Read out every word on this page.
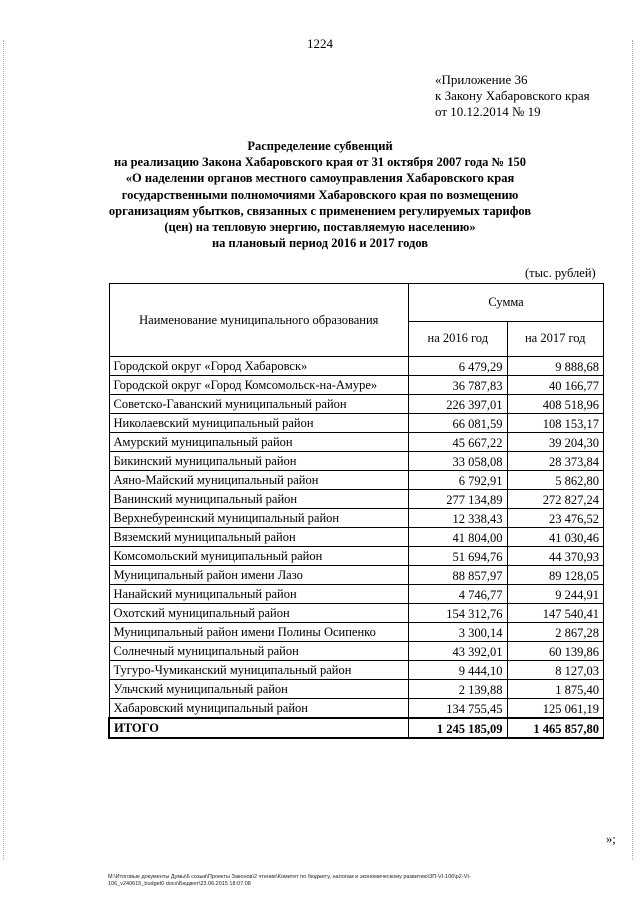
1224
«Приложение 36
к Закону Хабаровского края
от 10.12.2014 № 19
Распределение субвенций
на реализацию Закона Хабаровского края от 31 октября 2007 года № 150
«О наделении органов местного самоуправления Хабаровского края
государственными полномочиями Хабаровского края по возмещению
организациям убытков, связанных с применением регулируемых тарифов
(цен) на тепловую энергию, поставляемую населению»
на плановый период 2016 и 2017 годов
(тыс. рублей)
Наименование муниципального образования	Сумма	
	на 2016 год	на 2017 год
Городской округ «Город Хабаровск»	6 479,29	9 888,68
Городской округ «Город Комсомольск-на-Амуре»	36 787,83	40 166,77
Советско-Гаванский муниципальный район	226 397,01	408 518,96
Николаевский муниципальный район	66 081,59	108 153,17
Амурский муниципальный район	45 667,22	39 204,30
Бикинский муниципальный район	33 058,08	28 373,84
Аяно-Майский муниципальный район	6 792,91	5 862,80
Ванинский муниципальный район	277 134,89	272 827,24
Верхнебуреинский муниципальный район	12 338,43	23 476,52
Вяземский муниципальный район	41 804,00	41 030,46
Комсомольский муниципальный район	51 694,76	44 370,93
Муниципальный район имени Лазо	88 857,97	89 128,05
Нанайский муниципальный район	4 746,77	9 244,91
Охотский муниципальный район	154 312,76	147 540,41
Муниципальный район имени Полины Осипенко	3 300,14	2 867,28
Солнечный муниципальный район	43 392,01	60 139,86
Тугуро-Чумиканский муниципальный район	9 444,10	8 127,03
Ульчский муниципальный район	2 139,88	1 875,40
Хабаровский муниципальный район	134 755,45	125 061,19
ИТОГО	1 245 185,09	1 465 857,80
»;
M:\Итоговые документы Думы\6 созыв\Проекты Законов\2 чтение\Комитет по бюджету, налогам и экономическому развитию\3П-VI-106\р2-VI-
106_v240615_budget0 docx\Бюджет\23.06.2015 18:07:08
